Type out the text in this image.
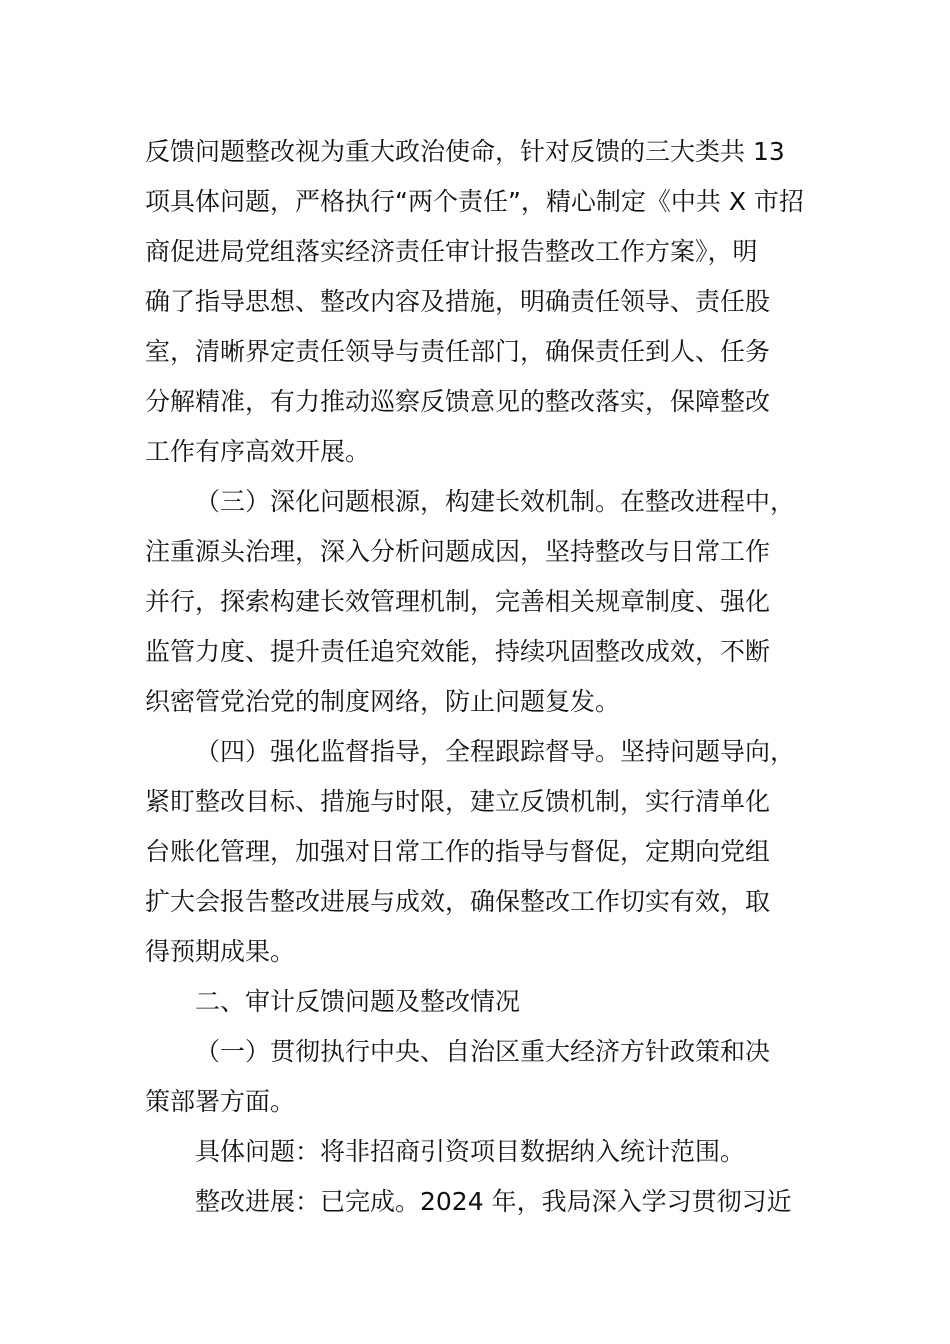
反馈问题整改视为重大政治使命，针对反馈的三大类共 13
项具体问题，严格执行“两个责任”，精心制定《中共 X 市招
商促进局党组落实经济责任审计报告整改工作方案》，明
确了指导思想、整改内容及措施，明确责任领导、责任股
室，清晰界定责任领导与责任部门，确保责任到人、任务
分解精准，有力推动巡察反馈意见的整改落实，保障整改
工作有序高效开展。
（三）深化问题根源，构建长效机制。在整改进程中，
注重源头治理，深入分析问题成因，坚持整改与日常工作
并行，探索构建长效管理机制，完善相关规章制度、强化
监管力度、提升责任追究效能，持续巩固整改成效，不断
织密管党治党的制度网络，防止问题复发。
（四）强化监督指导，全程跟踪督导。坚持问题导向，
紧盯整改目标、措施与时限，建立反馈机制，实行清单化
台账化管理，加强对日常工作的指导与督促，定期向党组
扩大会报告整改进展与成效，确保整改工作切实有效，取
得预期成果。
二、审计反馈问题及整改情况
（一）贯彻执行中央、自治区重大经济方针政策和决
策部署方面。
具体问题：将非招商引资项目数据纳入统计范围。
整改进展：已完成。2024 年，我局深入学习贯彻习近
